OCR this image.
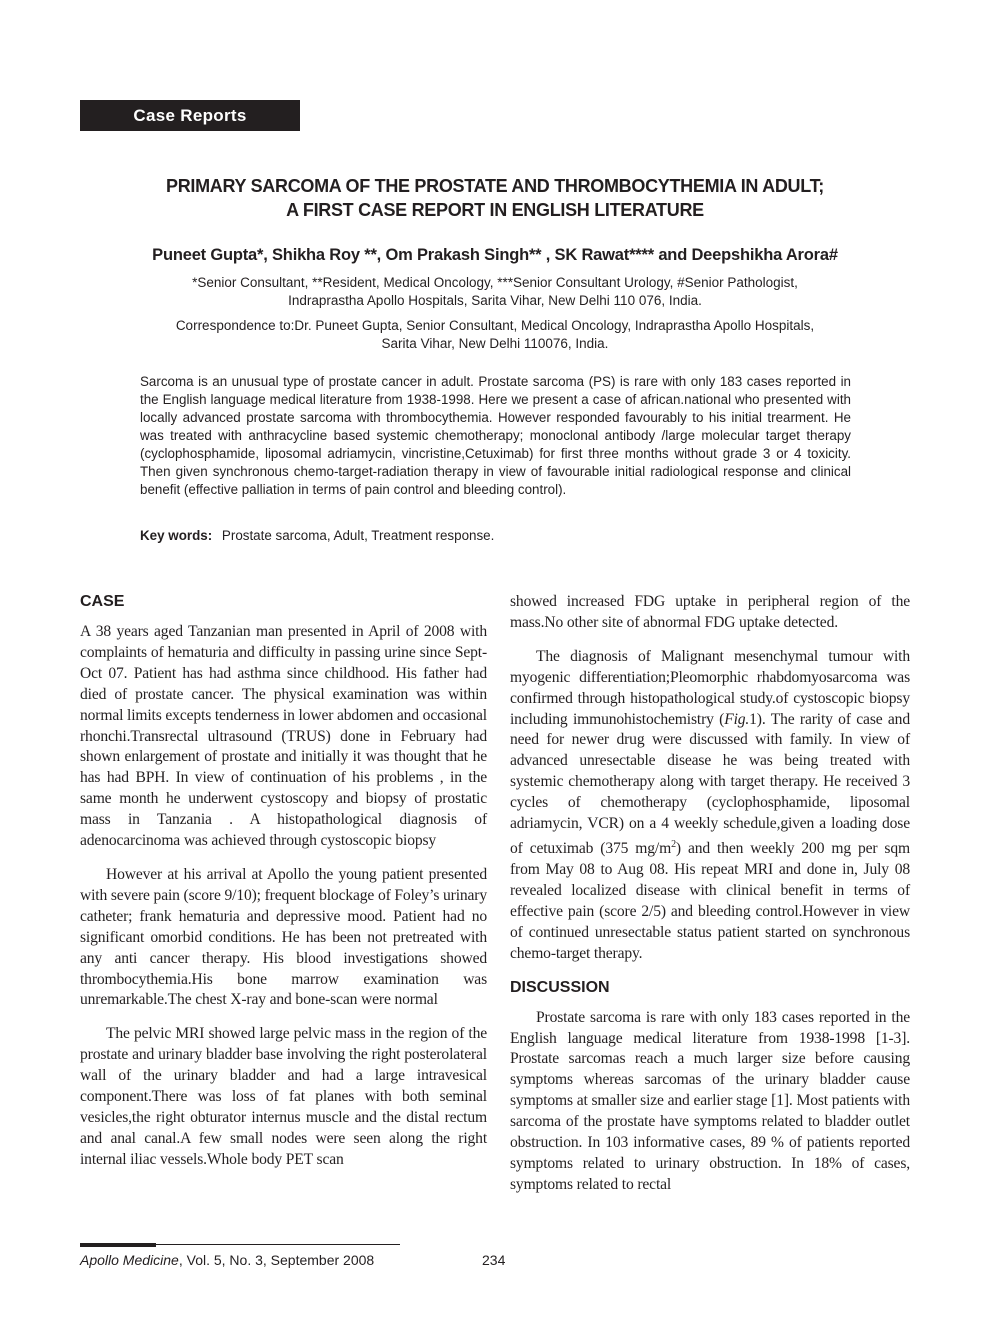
Case Reports
PRIMARY SARCOMA OF THE PROSTATE AND THROMBOCYTHEMIA IN ADULT;
A FIRST CASE REPORT IN ENGLISH LITERATURE

Puneet Gupta*, Shikha Roy **, Om Prakash Singh** , SK Rawat**** and Deepshikha Arora#

*Senior Consultant, **Resident, Medical Oncology, ***Senior Consultant Urology, #Senior Pathologist,
Indraprastha Apollo Hospitals, Sarita Vihar, New Delhi 110 076, India.

Correspondence to:Dr. Puneet Gupta, Senior Consultant, Medical Oncology, Indraprastha Apollo Hospitals,
Sarita Vihar, New Delhi 110076, India.

Sarcoma is an unusual type of prostate cancer in adult. Prostate sarcoma (PS) is rare with only 183 cases reported in the English language medical literature from 1938-1998. Here we present a case of african.national who presented with locally advanced prostate sarcoma with thrombocythemia. However responded favourably to his initial trearment. He was treated with anthracycline based systemic chemotherapy; monoclonal antibody /large molecular target therapy (cyclophosphamide, liposomal adriamycin, vincristine,Cetuximab) for first three months without grade 3 or 4 toxicity. Then given synchronous chemo-target-radiation therapy in view of favourable initial radiological response and clinical benefit (effective palliation in terms of pain control and bleeding control).

Key words: Prostate sarcoma, Adult, Treatment response.

CASE

A 38 years aged Tanzanian man presented in April of 2008 with complaints of hematuria and difficulty in passing urine since Sept-Oct 07. Patient has had asthma since childhood. His father had died of prostate cancer. The physical examination was within normal limits excepts tenderness in lower abdomen and occasional rhonchi.Transrectal ultrasound (TRUS) done in February had shown enlargement of prostate and initially it was thought that he has had BPH. In view of continuation of his problems , in the same month he underwent cystoscopy and biopsy of prostatic mass in Tanzania . A histopathological diagnosis of adenocarcinoma was achieved through cystoscopic biopsy

However at his arrival at Apollo the young patient presented with severe pain (score 9/10); frequent blockage of Foley’s urinary catheter; frank hematuria and depressive mood. Patient had no significant omorbid conditions. He has been not pretreated with any anti cancer therapy. His blood investigations showed thrombocythemia.His bone marrow examination was unremarkable.The chest X-ray and bone-scan were normal

The pelvic MRI showed large pelvic mass in the region of the prostate and urinary bladder base involving the right posterolateral wall of the urinary bladder and had a large intravesical component.There was loss of fat planes with both seminal vesicles,the right obturator internus muscle and the distal rectum and anal canal.A few small nodes were seen along the right internal iliac vessels.Whole body PET scan

showed increased FDG uptake in peripheral region of the mass.No other site of abnormal FDG uptake detected.

The diagnosis of Malignant mesenchymal tumour with myogenic differentiation;Pleomorphic rhabdomyosarcoma was confirmed through histopathological study.of cystoscopic biopsy including immunohistochemistry (Fig.1). The rarity of case and need for newer drug were discussed with family. In view of advanced unresectable disease he was being treated with systemic chemotherapy along with target therapy. He received 3 cycles of chemotherapy (cyclophosphamide, liposomal adriamycin, VCR) on a 4 weekly schedule,given a loading dose of cetuximab (375 $mg/m^2$) and then weekly 200 mg per sqm from May 08 to Aug 08. His repeat MRI and done in, July 08 revealed localized disease with clinical benefit in terms of effective pain (score 2/5) and bleeding control.However in view of continued unresectable status patient started on synchronous chemo-target therapy.

DISCUSSION

Prostate sarcoma is rare with only 183 cases reported in the English language medical literature from 1938-1998 [1-3]. Prostate sarcomas reach a much larger size before causing symptoms whereas sarcomas of the urinary bladder cause symptoms at smaller size and earlier stage [1]. Most patients with sarcoma of the prostate have symptoms related to bladder outlet obstruction. In 103 informative cases, 89 % of patients reported symptoms related to urinary obstruction. In 18% of cases, symptoms related to rectal

Apollo Medicine, Vol. 5, No. 3, September 2008	234
